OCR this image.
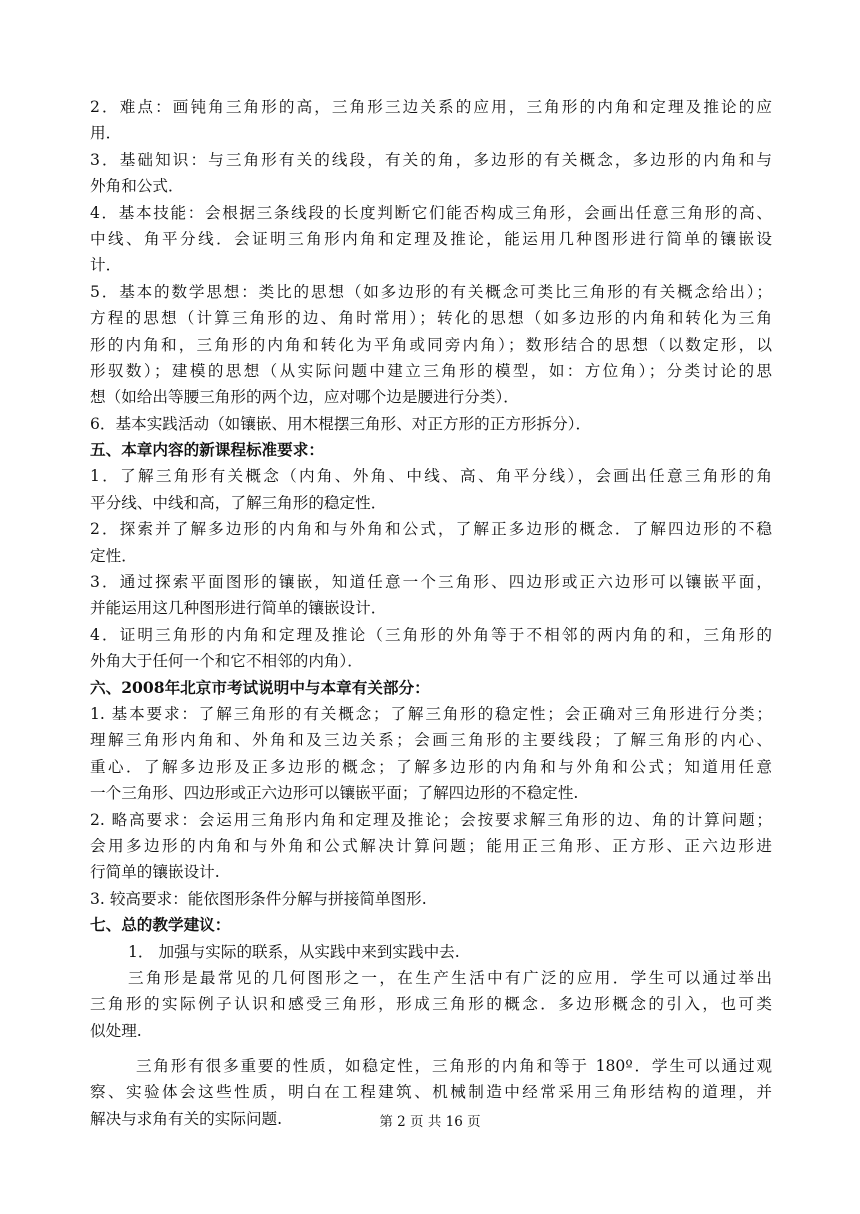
2．难点：画钝角三角形的高，三角形三边关系的应用，三角形的内角和定理及推论的应
用．
3．基础知识：与三角形有关的线段，有关的角，多边形的有关概念，多边形的内角和与
外角和公式．
4．基本技能：会根据三条线段的长度判断它们能否构成三角形，会画出任意三角形的高、
中线、角平分线．会证明三角形内角和定理及推论，能运用几种图形进行简单的镶嵌设
计．
5．基本的数学思想：类比的思想（如多边形的有关概念可类比三角形的有关概念给出）；
方程的思想（计算三角形的边、角时常用）；转化的思想（如多边形的内角和转化为三角
形的内角和，三角形的内角和转化为平角或同旁内角）；数形结合的思想（以数定形，以
形驭数）；建模的思想（从实际问题中建立三角形的模型，如：方位角）；分类讨论的思
想（如给出等腰三角形的两个边，应对哪个边是腰进行分类）．
6．基本实践活动（如镶嵌、用木棍摆三角形、对正方形的正方形拆分）．
五、本章内容的新课程标准要求：
1．了解三角形有关概念（内角、外角、中线、高、角平分线），会画出任意三角形的角
平分线、中线和高，了解三角形的稳定性．
2．探索并了解多边形的内角和与外角和公式，了解正多边形的概念．了解四边形的不稳
定性．
3．通过探索平面图形的镶嵌，知道任意一个三角形、四边形或正六边形可以镶嵌平面，
并能运用这几种图形进行简单的镶嵌设计．
4．证明三角形的内角和定理及推论（三角形的外角等于不相邻的两内角的和，三角形的
外角大于任何一个和它不相邻的内角）．
六、2008年北京市考试说明中与本章有关部分：
1. 基本要求：了解三角形的有关概念；了解三角形的稳定性；会正确对三角形进行分类；
理解三角形内角和、外角和及三边关系；会画三角形的主要线段；了解三角形的内心、
重心．了解多边形及正多边形的概念；了解多边形的内角和与外角和公式；知道用任意
一个三角形、四边形或正六边形可以镶嵌平面；了解四边形的不稳定性.
2. 略高要求：会运用三角形内角和定理及推论；会按要求解三角形的边、角的计算问题；
会用多边形的内角和与外角和公式解决计算问题；能用正三角形、正方形、正六边形进
行简单的镶嵌设计.
3. 较高要求：能依图形条件分解与拼接简单图形.
七、总的教学建议：
1． 加强与实际的联系，从实践中来到实践中去.
三角形是最常见的几何图形之一，在生产生活中有广泛的应用．学生可以通过举出
三角形的实际例子认识和感受三角形，形成三角形的概念．多边形概念的引入，也可类
似处理.
三角形有很多重要的性质，如稳定性，三角形的内角和等于 180º．学生可以通过观
察、实验体会这些性质，明白在工程建筑、机械制造中经常采用三角形结构的道理，并
解决与求角有关的实际问题.	第 2 页 共 16 页
